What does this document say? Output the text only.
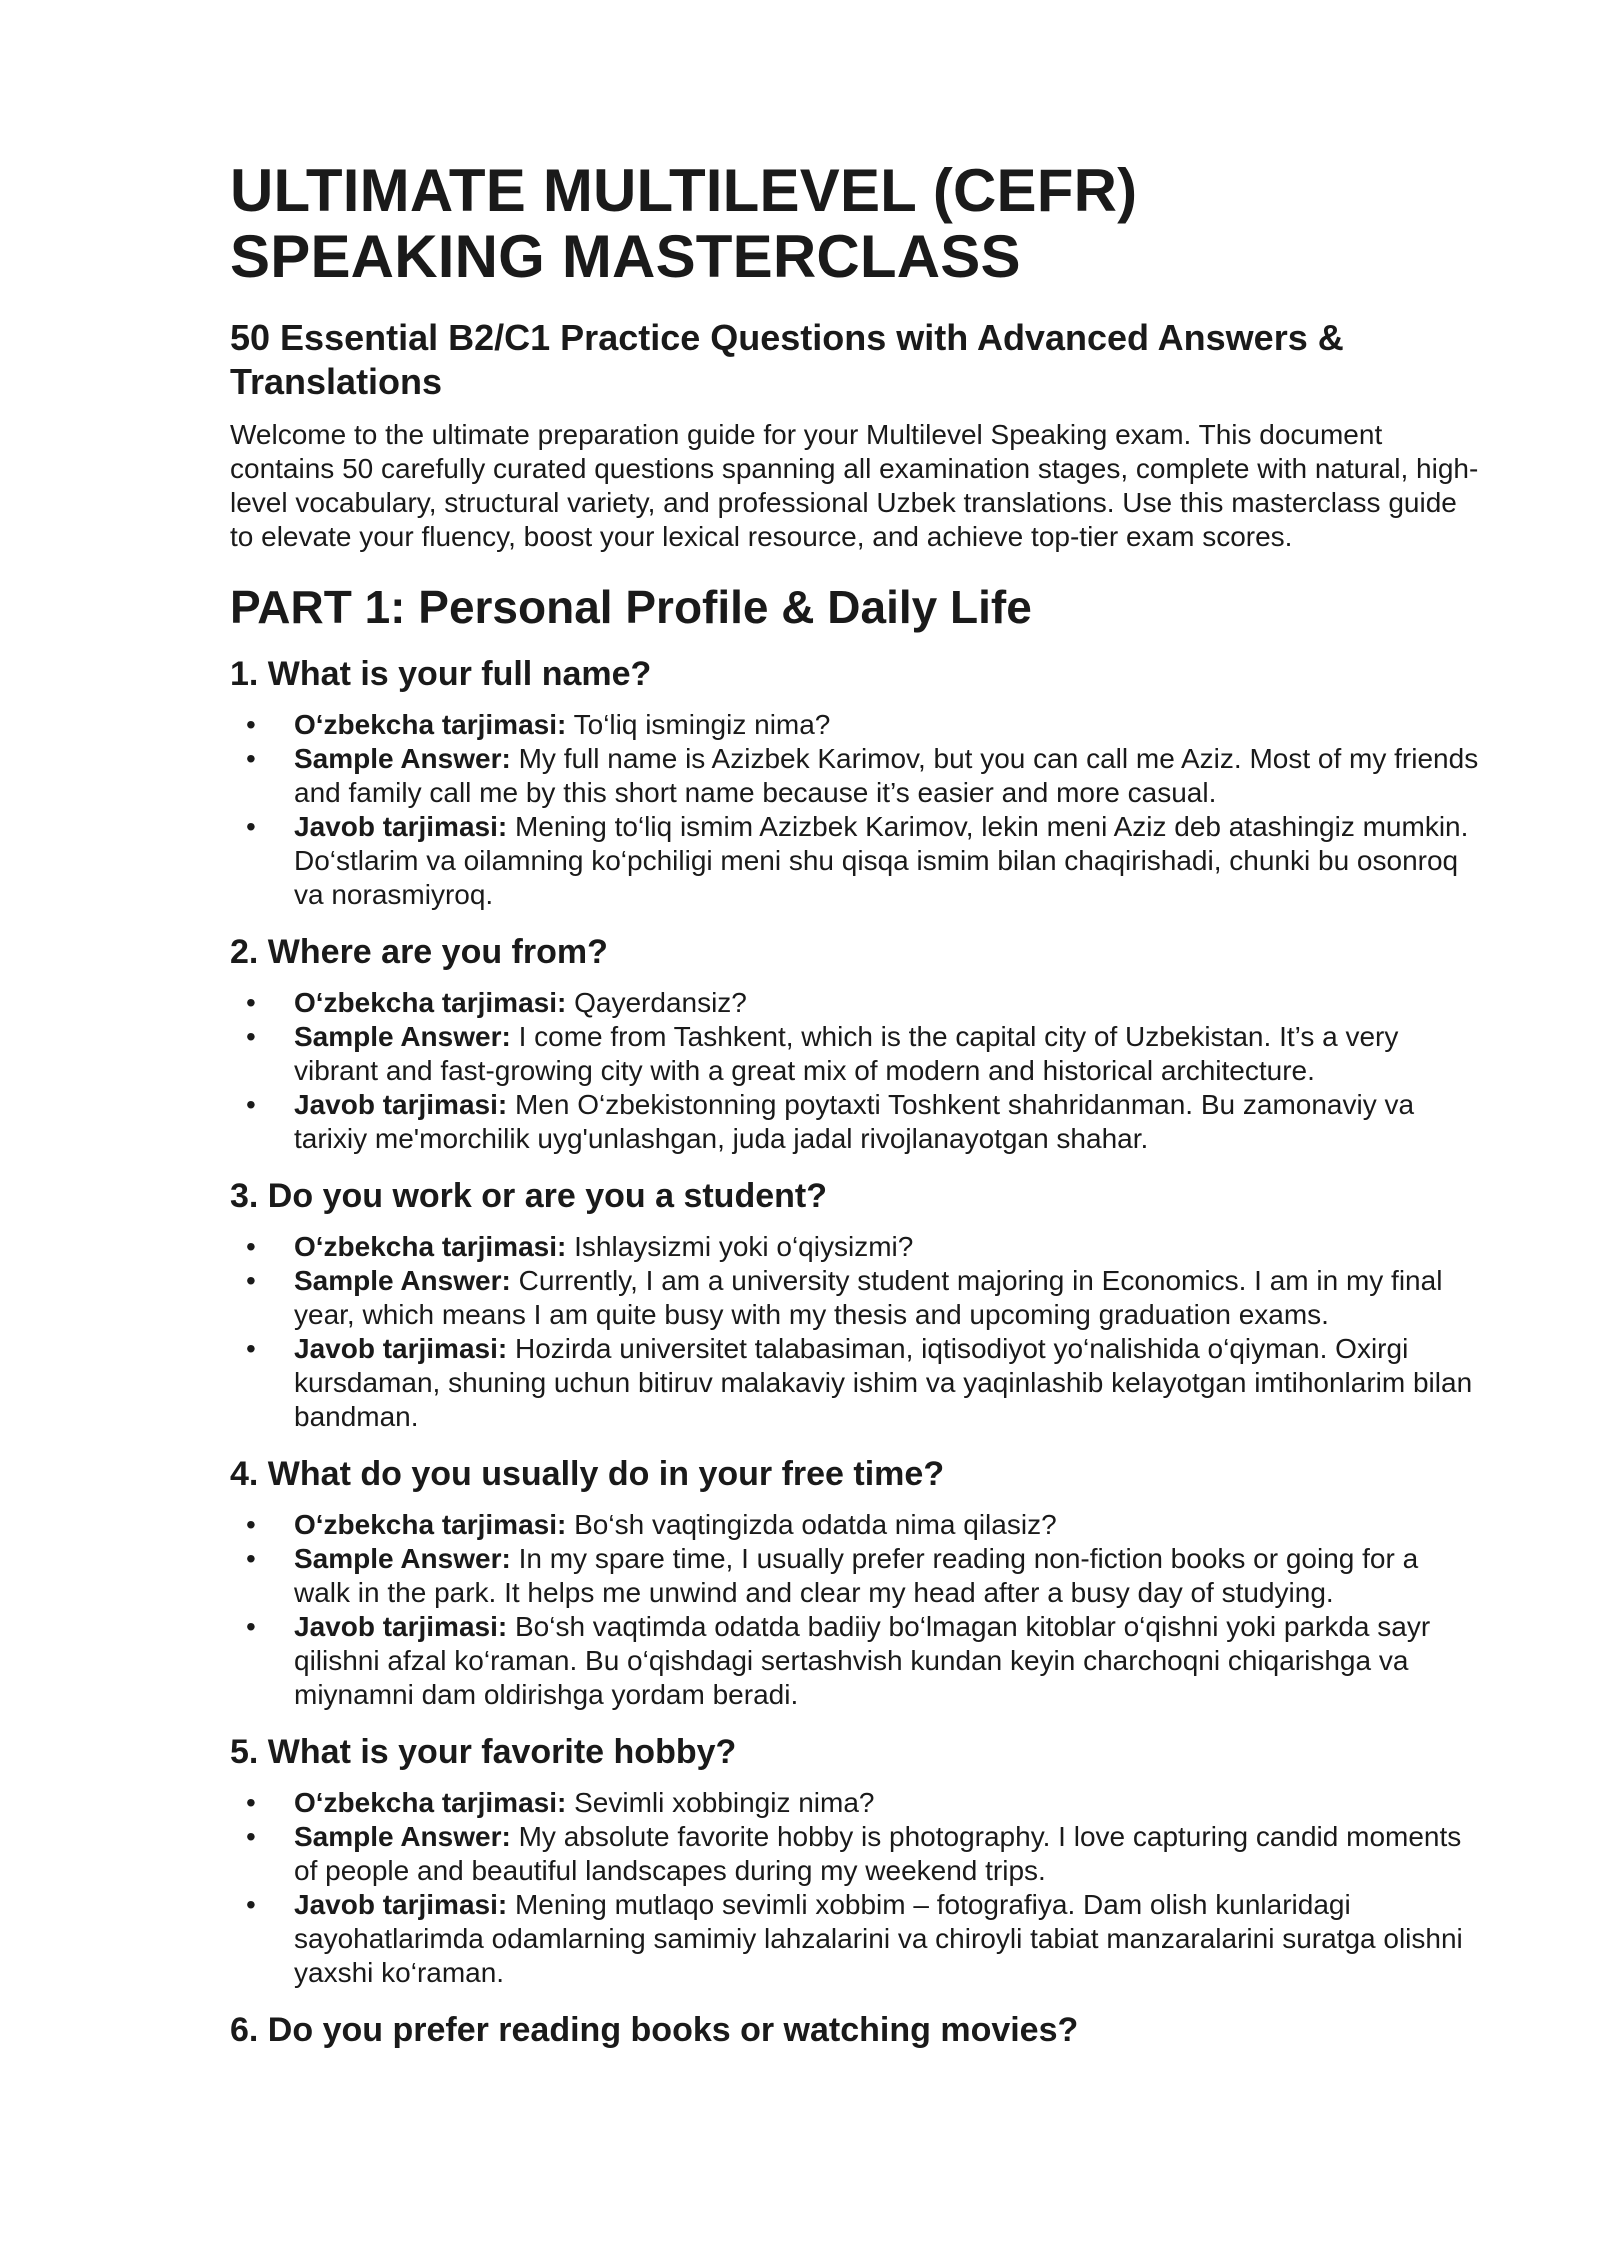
ULTIMATE MULTILEVEL (CEFR)
SPEAKING MASTERCLASS
50 Essential B2/C1 Practice Questions with Advanced Answers & Translations

Welcome to the ultimate preparation guide for your Multilevel Speaking exam. This document contains 50 carefully curated questions spanning all examination stages, complete with natural, high-level vocabulary, structural variety, and professional Uzbek translations. Use this masterclass guide to elevate your fluency, boost your lexical resource, and achieve top-tier exam scores.

PART 1: Personal Profile & Daily Life
1. What is your full name?
• O‘zbekcha tarjimasi: To‘liq ismingiz nima?
• Sample Answer: My full name is Azizbek Karimov, but you can call me Aziz. Most of my friends and family call me by this short name because it’s easier and more casual.
• Javob tarjimasi: Mening to‘liq ismim Azizbek Karimov, lekin meni Aziz deb atashingiz mumkin. Do‘stlarim va oilamning ko‘pchiligi meni shu qisqa ismim bilan chaqirishadi, chunki bu osonroq va norasmiyroq.
2. Where are you from?
• O‘zbekcha tarjimasi: Qayerdansiz?
• Sample Answer: I come from Tashkent, which is the capital city of Uzbekistan. It’s a very vibrant and fast-growing city with a great mix of modern and historical architecture.
• Javob tarjimasi: Men O‘zbekistonning poytaxti Toshkent shahridanman. Bu zamonaviy va tarixiy me'morchilik uyg'unlashgan, juda jadal rivojlanayotgan shahar.
3. Do you work or are you a student?
• O‘zbekcha tarjimasi: Ishlaysizmi yoki o‘qiysizmi?
• Sample Answer: Currently, I am a university student majoring in Economics. I am in my final year, which means I am quite busy with my thesis and upcoming graduation exams.
• Javob tarjimasi: Hozirda universitet talabasiman, iqtisodiyot yo‘nalishida o‘qiyman. Oxirgi kursdaman, shuning uchun bitiruv malakaviy ishim va yaqinlashib kelayotgan imtihonlarim bilan bandman.
4. What do you usually do in your free time?
• O‘zbekcha tarjimasi: Bo‘sh vaqtingizda odatda nima qilasiz?
• Sample Answer: In my spare time, I usually prefer reading non-fiction books or going for a walk in the park. It helps me unwind and clear my head after a busy day of studying.
• Javob tarjimasi: Bo‘sh vaqtimda odatda badiiy bo‘lmagan kitoblar o‘qishni yoki parkda sayr qilishni afzal ko‘raman. Bu o‘qishdagi sertashvish kundan keyin charchoqni chiqarishga va miynamni dam oldirishga yordam beradi.
5. What is your favorite hobby?
• O‘zbekcha tarjimasi: Sevimli xobbingiz nima?
• Sample Answer: My absolute favorite hobby is photography. I love capturing candid moments of people and beautiful landscapes during my weekend trips.
• Javob tarjimasi: Mening mutlaqo sevimli xobbim – fotografiya. Dam olish kunlaridagi sayohatlarimda odamlarning samimiy lahzalarini va chiroyli tabiat manzaralarini suratga olishni yaxshi ko‘raman.
6. Do you prefer reading books or watching movies?
